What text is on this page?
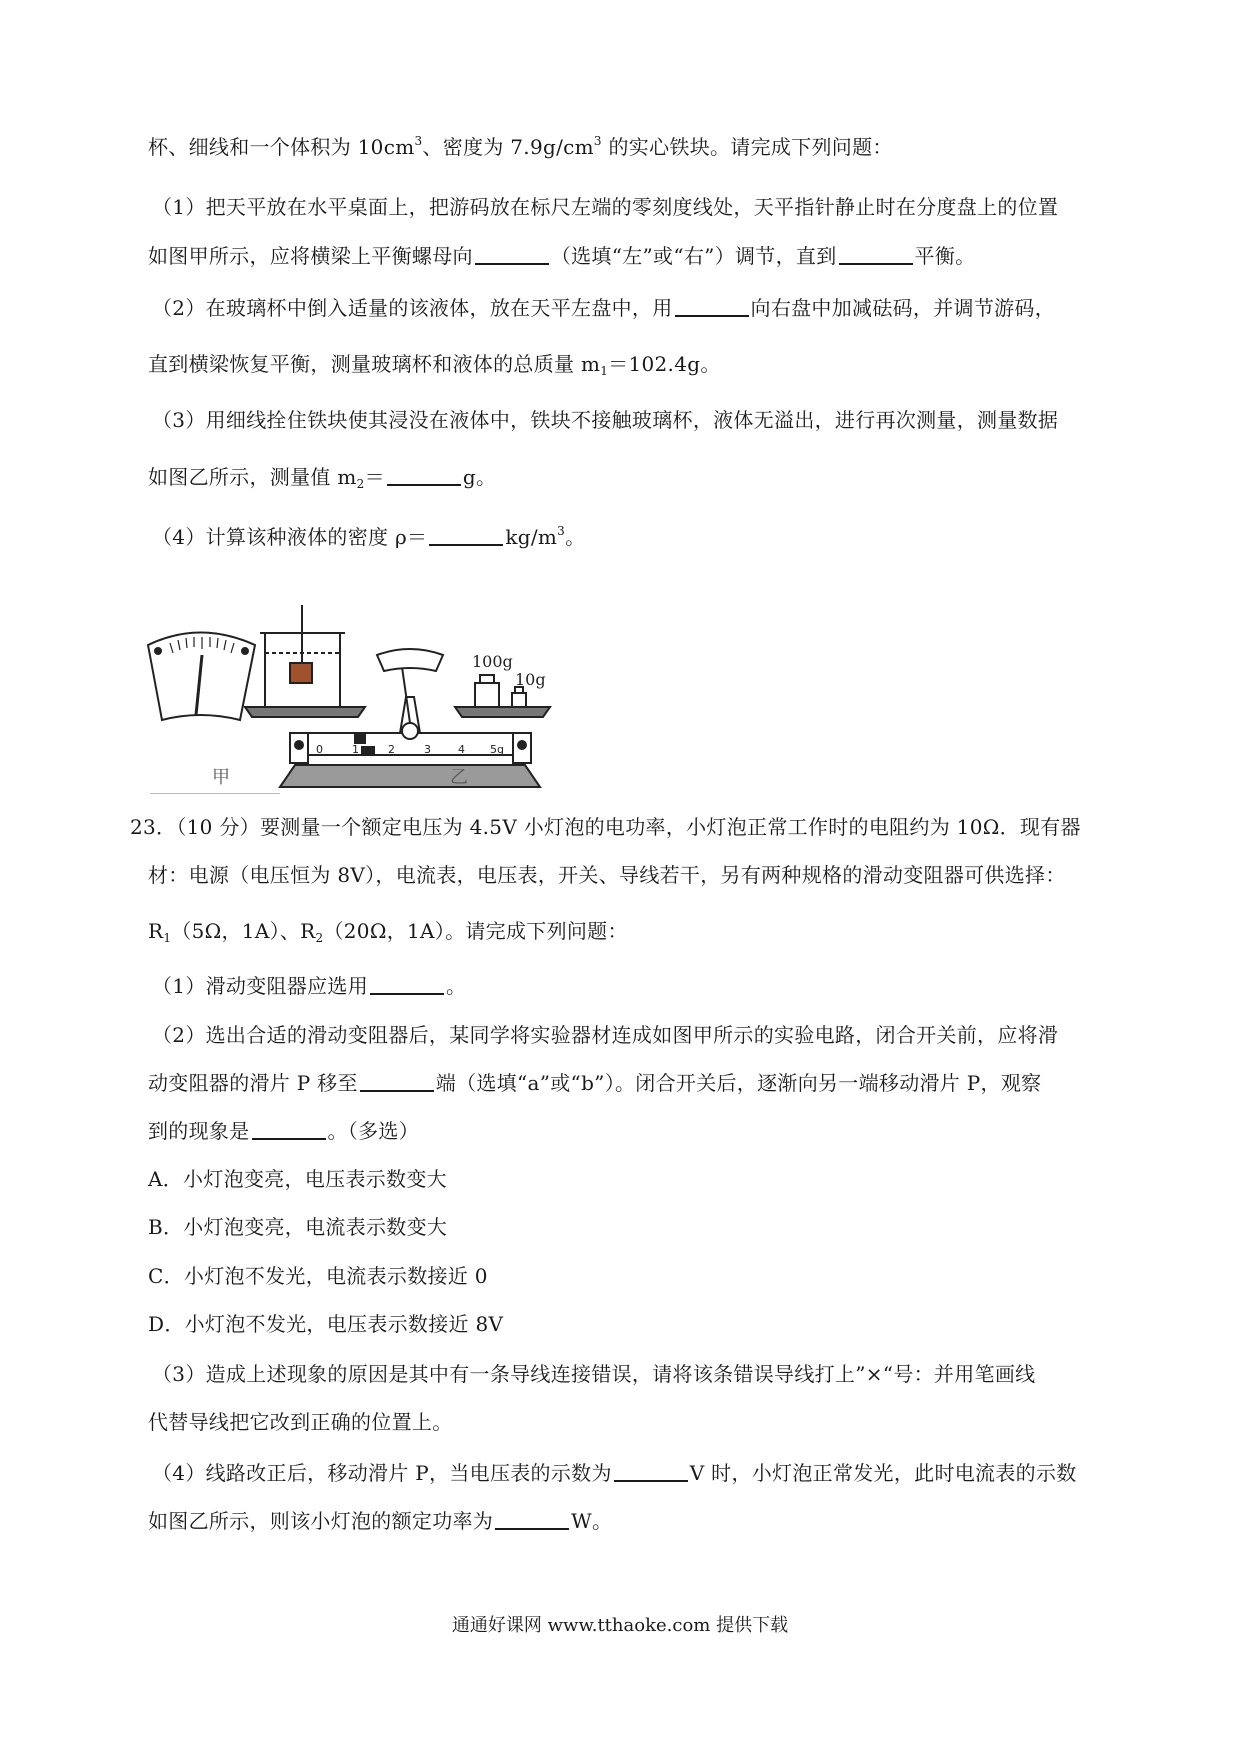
杯、细线和一个体积为 $10cm^3$、密度为 $7.9g/cm^3$ 的实心铁块。请完成下列问题：
（1）把天平放在水平桌面上，把游码放在标尺左端的零刻度线处，天平指针静止时在分度盘上的位置
如图甲所示，应将横梁上平衡螺母向	（选填“左”或“右”）调节，直到	平衡。
（2）在玻璃杯中倒入适量的该液体，放在天平左盘中，用	向右盘中加减砝码，并调节游码，
直到横梁恢复平衡，测量玻璃杯和液体的总质量 $m_1=102.4g$。
（3）用细线拴住铁块使其浸没在液体中，铁块不接触玻璃杯，液体无溢出，进行再次测量，测量数据
如图乙所示，测量值 $m_2=$	g。
（4）计算该种液体的密度 ρ＝	$kg/m^3$。
100g
10g
0	1	2	3 4 5g
甲	乙
23．（10 分）要测量一个额定电压为 4.5V 小灯泡的电功率，小灯泡正常工作时的电阻约为 10Ω．现有器
材：电源（电压恒为 8V），电流表，电压表，开关、导线若干，另有两种规格的滑动变阻器可供选择：
$R_1(5\Omega$，1A）、$R_2(20\Omega$，1A）。请完成下列问题：
（1）滑动变阻器应选用	。
（2）选出合适的滑动变阻器后，某同学将实验器材连成如图甲所示的实验电路，闭合开关前，应将滑
动变阻器的滑片 P 移至	端（选填“a”或“b”）。闭合开关后，逐渐向另一端移动滑片 P，观察
到的现象是	。（多选）
A．小灯泡变亮，电压表示数变大
B．小灯泡变亮，电流表示数变大
C．小灯泡不发光，电流表示数接近 0
D．小灯泡不发光，电压表示数接近 8V
（3）造成上述现象的原因是其中有一条导线连接错误，请将该条错误导线打上”×“号：并用笔画线
代替导线把它改到正确的位置上。
（4）线路改正后，移动滑片 P，当电压表的示数为	V 时，小灯泡正常发光，此时电流表的示数
如图乙所示，则该小灯泡的额定功率为	W。
通通好课网 www.tthaoke.com 提供下载
